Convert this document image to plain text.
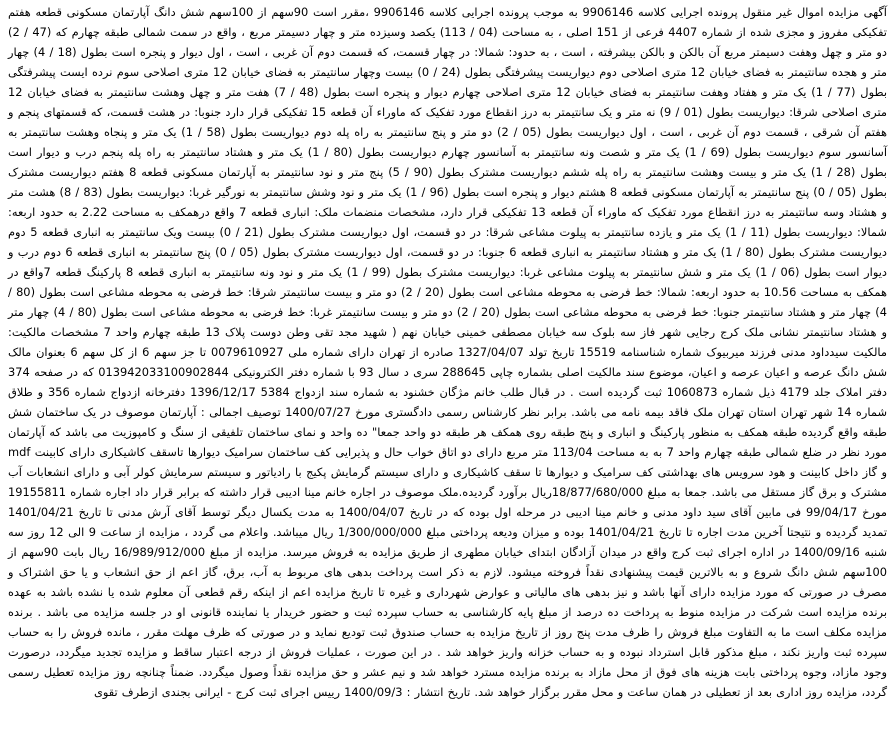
آگهی مزایده اموال غیر منقول پرونده اجرایی کلاسه 9906146 به موجب پرونده اجرایی کلاسه 9906146 ،مقرر است 90سهم از 100سهم شش دانگ آپارتمان مسکونی قطعه هفتم تفکیکی مفروز و مجزی شده از شماره 4407 فرعی از 151 اصلی ، به مساحت (04 / 113) یکصد وسیزده متر و چهار دسیمتر مربع ، واقع در سمت شمالی طبقه چهارم که (47 / 2) دو متر و چهل وهفت دسیمتر مربع آن بالکن و بالکن بیشرفته ، است ، به حدود: شمالا: در چهار قسمت، که قسمت دوم آن غربی ، است ، اول دیوار و پنجره است بطول (18 / 4) چهار متر و هجده سانتیمتر به فضای خیابان 12 متری اصلاحی دوم دیواریست پیشرفتگی بطول (24 / 0) بیست وچهار سانتیمتر به فضای خیابان 12 متری اصلاحی سوم نرده ایست پیشرفتگی بطول (77 / 1) یک متر و هفتاد وهفت سانتیمتر به فضای خیابان 12 متری اصلاحی چهارم دیوار و پنجره است بطول (48 / 7) هفت متر و چهل وهشت سانتیمتر به فضای خیابان 12 متری اصلاحی شرقا: دیواریست بطول (01 / 9) نه متر و یک سانتیمتر به درز انقطاع مورد تفکیک که ماوراء آن قطعه 15 تفکیکی قرار دارد جنوبا: در هشت قسمت، که قسمتهای پنجم و هفتم آن شرقی ، قسمت دوم آن غربی ، است ، اول دیواریست بطول (05 / 2) دو متر و پنج سانتیمتر به راه پله دوم دیواریست بطول (58 / 1) یک متر و پنجاه وهشت سانتیمتر به آسانسور سوم دیواریست بطول (69 / 1) یک متر و شصت ونه سانتیمتر به آسانسور چهارم دیواریست بطول (80 / 1) یک متر و هشتاد سانتیمتر به راه پله پنجم درب و دیوار است بطول (28 / 1) یک متر و بیست وهشت سانتیمتر به راه پله ششم دیواریست مشترک بطول (90 / 5) پنج متر و نود سانتیمتر به آپارتمان مسکونی قطعه 8 هفتم دیواریست مشترک بطول (05 / 0) پنج سانتیمتر به آپارتمان مسکونی قطعه 8 هشتم دیوار و پنجره است بطول (96 / 1) یک متر و نود وشش سانتیمتر به نورگیر غربا: دیواریست بطول (83 / 8) هشت متر و هشتاد وسه سانتیمتر به درز انقطاع مورد تفکیک که ماوراء آن قطعه 13 تفکیکی قرار دارد، مشخصات منضمات ملک: انباری قطعه 7 واقع درهمکف به مساحت 2.22 به حدود اربعه: شمالا: دیواریست بطول (11 / 1) یک متر و یازده سانتیمتر به پیلوت مشاعی شرقا: در دو قسمت، اول دیواریست مشترک بطول (21 / 0) بیست ویک سانتیمتر به انباری قطعه 5 دوم دیواریست مشترک بطول (80 / 1) یک متر و هشتاد سانتیمتر به انباری قطعه 6 جنوبا: در دو قسمت، اول دیواریست مشترک بطول (05 / 0) پنج سانتیمتر به انباری قطعه 6 دوم درب و دیوار است بطول (06 / 1) یک متر و شش سانتیمتر به پیلوت مشاعی غربا: دیواریست مشترک بطول (99 / 1) یک متر و نود ونه سانتیمتر به انباری قطعه 8 پارکینگ قطعه 7واقع در همکف به مساحت 10.56 به حدود اربعه: شمالا: خط فرضی به محوطه مشاعی است بطول (20 / 2) دو متر و بیست سانتیمتر شرقا: خط فرضی به محوطه مشاعی است بطول (80 / 4) چهار متر و هشتاد سانتیمتر جنوبا: خط فرضی به محوطه مشاعی است بطول (20 / 2) دو متر و بیست سانتیمتر غربا: خط فرضی به محوطه مشاعی است بطول (80 / 4) چهار متر و هشتاد سانتیمتر نشانی ملک کرج رجایی شهر فاز سه بلوک سه خیابان مصطفی خمینی خیابان نهم ( شهید مجد تقی وطن دوست پلاک 13 طبقه چهارم واحد 7 مشخصات مالکیت: مالکیت سیدداود مدنی فرزند میربیوک شماره شناسنامه 15519 تاریخ تولد 1327/04/07 صادره از تهران دارای شماره ملی 0079610927 تا جز سهم 6 از کل سهم 6 بعنوان مالک شش دانگ عرصه و اعیان عرصه و اعیان، موضوع سند مالکیت اصلی بشماره چاپی 288645 سری د سال 93 با شماره دفتر الکترونیکی 013942033100902844 که در صفحه 374 دفتر املاک جلد 4179 ذیل شماره 1060873 ثبت گردیده است . در قبال طلب خانم مژگان خشنود به شماره سند ازدواج 5384 1396/12/17 دفترخانه ازدواج شماره 356 و طلاق شماره 14 شهر تهران استان تهران ملک فاقد بیمه نامه می باشد. برابر نظر کارشناس رسمی دادگستری مورخ 1400/07/27 توصیف اجمالی : آپارتمان موصوف در یک ساختمان شش طبقه واقع گردیده طبقه همکف به منظور پارکینگ و انباری و پنج طبقه روی همکف هر طبقه دو واحد جمعا" ده واحد و نمای ساختمان تلفیقی از سنگ و کامپوزیت می باشد که آپارتمان مورد نظر در ضلع شمالی طبقه چهارم واحد 7 به به مساحت 113/04 متر مربع دارای دو اتاق خواب حال و پذیرایی کف ساختمان سرامیک دیوارها تاسقف کاشیکاری دارای کابینت mdf و گاز داخل کابینت و هود سرویس های بهداشتی کف سرامیک و دیوارها تا سقف کاشیکاری و دارای سیستم گرمایش پکیج با رادیاتور و سیستم سرمایش کولر آبی و دارای انشعابات آب مشترک و برق گاز مستقل می باشد. جمعا به مبلغ 18/877/680/000ریال برآورد گردیده.ملک موصوف در اجاره خانم مینا ادیبی قرار داشته که برابر قرار داد اجاره شماره 19155811 مورخ 99/04/17 فی مابین آقای سید داود مدنی و خانم مینا ادیبی در مرحله اول بوده که در تاریخ 1400/04/07 به مدت یکسال دیگر توسط آقای آرش مدنی تا تاریخ 1401/04/21 تمدید گردیده و نتیجتا آخرین مدت اجاره تا تاریخ 1401/04/21 بوده و میزان ودیعه پرداختی مبلغ 1/300/000/000 ریال میباشد. واعلام می گردد ، مزایده از ساعت 9 الی 12 روز سه شنبه 1400/09/16 در اداره اجرای ثبت کرج واقع در میدان آزادگان ابتدای خیابان مطهری از طریق مزایده به فروش میرسد. مزایده از مبلغ 16/989/912/000 ریال بابت 90سهم از 100سهم شش دانگ شروع و به بالاترین قیمت پیشنهادی نقداً فروخته میشود. لازم به ذکر است پرداخت بدهی های مربوط به آب، برق، گاز اعم از حق انشعاب و یا حق اشتراک و مصرف در صورتی که مورد مزایده دارای آنها باشد و نیز بدهی های مالیاتی و عوارض شهرداری و غیره تا تاریخ مزایده اعم از اینکه رقم قطعی آن معلوم شده یا نشده باشد به عهده برنده مزایده است شرکت در مزایده منوط به پرداخت ده درصد از مبلغ پایه کارشناسی به حساب سپرده ثبت و حضور خریدار یا نماینده قانونی او در جلسه مزایده می باشد . برنده مزایده مکلف است ما به التفاوت مبلغ فروش را ظرف مدت پنج روز از تاریخ مزایده به حساب صندوق ثبت تودیع نماید و در صورتی که ظرف مهلت مقرر ، مانده فروش را به حساب سپرده ثبت واریز نکند ، مبلغ مذکور قابل استرداد نبوده و به حساب خزانه واریز خواهد شد . در این صورت ، عملیات فروش از درجه اعتبار ساقط و مزایده تجدید میگردد، درصورت وجود مازاد، وجوه پرداختی بابت هزینه های فوق از محل مازاد به برنده مزایده مسترد خواهد شد و نیم عشر و حق مزایده نقداً وصول میگردد. ضمناً چنانچه روز مزایده تعطیل رسمی گردد، مزایده روز اداری بعد از تعطیلی در همان ساعت و محل مقرر برگزار خواهد شد. تاریخ انتشار : 1400/09/3 رییس اجرای ثبت کرج - ایرانی بجندی ازطرف تقوی
